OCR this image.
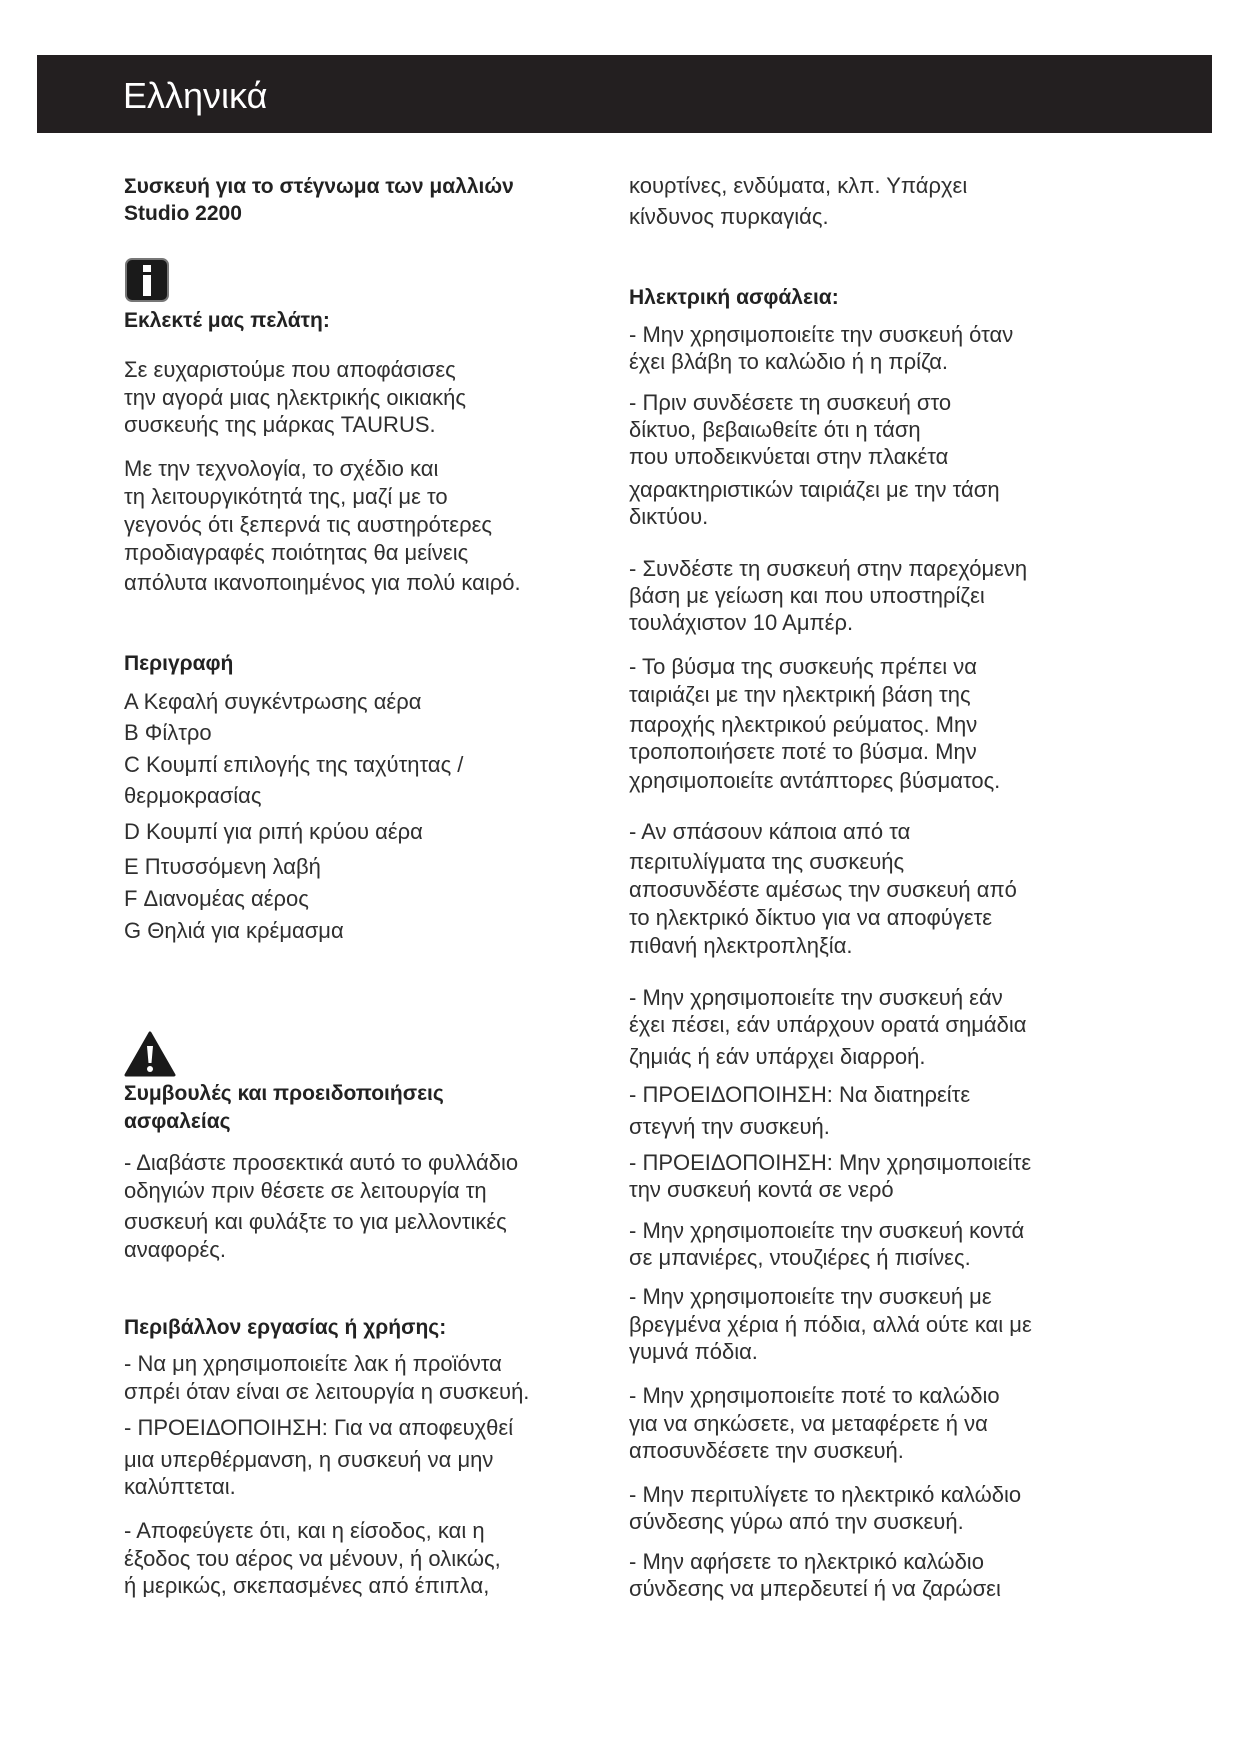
Ελληνικά
Συσκευή για το στέγνωμα των μαλλιών
Studio 2200
Εκλεκτέ μας πελάτη:
Σε ευχαριστούμε που αποφάσισες
την αγορά μιας ηλεκτρικής οικιακής
συσκευής της μάρκας TAURUS.
Με την τεχνολογία, το σχέδιο και
τη λειτουργικότητά της, μαζί με το
γεγονός ότι ξεπερνά τις αυστηρότερες
προδιαγραφές ποιότητας θα μείνεις
απόλυτα ικανοποιημένος για πολύ καιρό.
Περιγραφή
A Κεφαλή συγκέντρωσης αέρα
B Φίλτρο
C Κουμπί επιλογής της ταχύτητας /
θερμοκρασίας
D Κουμπί για ριπή κρύου αέρα
E Πτυσσόμενη λαβή
F Διανομέας αέρος
G Θηλιά για κρέμασμα
Συμβουλές και προειδοποιήσεις
ασφαλείας
- Διαβάστε προσεκτικά αυτό το φυλλάδιο
οδηγιών πριν θέσετε σε λειτουργία τη
συσκευή και φυλάξτε το για μελλοντικές
αναφορές.
Περιβάλλον εργασίας ή χρήσης:
- Να μη χρησιμοποιείτε λακ ή προϊόντα
σπρέι όταν είναι σε λειτουργία η συσκευή.
- ΠΡΟΕΙΔΟΠΟΙΗΣΗ: Για να αποφευχθεί
μια υπερθέρμανση, η συσκευή να μην
καλύπτεται.
- Αποφεύγετε ότι, και η είσοδος, και η
έξοδος του αέρος να μένουν, ή ολικώς,
ή μερικώς, σκεπασμένες από έπιπλα,
κουρτίνες, ενδύματα, κλπ. Υπάρχει
κίνδυνος πυρκαγιάς.
Ηλεκτρική ασφάλεια:
- Μην χρησιμοποιείτε την συσκευή όταν
έχει βλάβη το καλώδιο ή η πρίζα.
- Πριν συνδέσετε τη συσκευή στο
δίκτυο, βεβαιωθείτε ότι η τάση
που υποδεικνύεται στην πλακέτα
χαρακτηριστικών ταιριάζει με την τάση
δικτύου.
- Συνδέστε τη συσκευή στην παρεχόμενη
βάση με γείωση και που υποστηρίζει
τουλάχιστον 10 Αμπέρ.
- Το βύσμα της συσκευής πρέπει να
ταιριάζει με την ηλεκτρική βάση της
παροχής ηλεκτρικού ρεύματος. Μην
τροποποιήσετε ποτέ το βύσμα. Μην
χρησιμοποιείτε αντάπτορες βύσματος.
- Αν σπάσουν κάποια από τα
περιτυλίγματα της συσκευής
αποσυνδέστε αμέσως την συσκευή από
το ηλεκτρικό δίκτυο για να αποφύγετε
πιθανή ηλεκτροπληξία.
- Μην χρησιμοποιείτε την συσκευή εάν
έχει πέσει, εάν υπάρχουν ορατά σημάδια
ζημιάς ή εάν υπάρχει διαρροή.
- ΠΡΟΕΙΔΟΠΟΙΗΣΗ: Να διατηρείτε
στεγνή την συσκευή.
- ΠΡΟΕΙΔΟΠΟΙΗΣΗ: Μην χρησιμοποιείτε
την συσκευή κοντά σε νερό
- Μην χρησιμοποιείτε την συσκευή κοντά
σε μπανιέρες, ντουζιέρες ή πισίνες.
- Μην χρησιμοποιείτε την συσκευή με
βρεγμένα χέρια ή πόδια, αλλά ούτε και με
γυμνά πόδια.
- Μην χρησιμοποιείτε ποτέ το καλώδιο
για να σηκώσετε, να μεταφέρετε ή να
αποσυνδέσετε την συσκευή.
- Μην περιτυλίγετε το ηλεκτρικό καλώδιο
σύνδεσης γύρω από την συσκευή.
- Μην αφήσετε το ηλεκτρικό καλώδιο
σύνδεσης να μπερδευτεί ή να ζαρώσει
